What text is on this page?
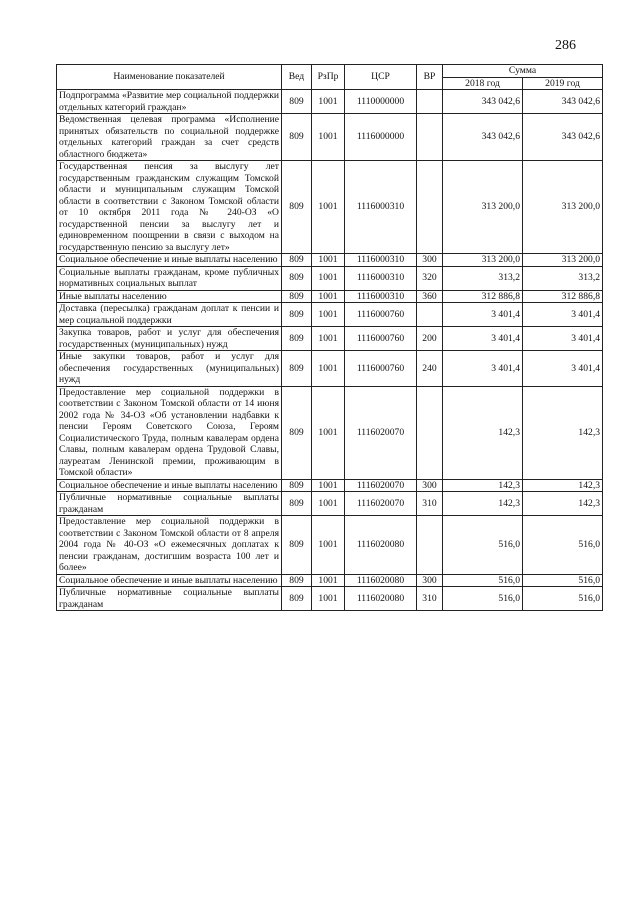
286
Наименование показателей	Вед	РзПр	ЦСР	ВР	Сумма	
					2018 год	2019 год
Подпрограмма «Развитие мер социальной поддержки отдельных категорий граждан»	809	1001	1110000000		343 042,6	343 042,6
Ведомственная целевая программа «Исполнение принятых обязательств по социальной поддержке отдельных категорий граждан за счет средств областного бюджета»	809	1001	1116000000		343 042,6	343 042,6
Государственная пенсия за выслугу лет государственным гражданским служащим Томской области и муниципальным служащим Томской области в соответствии с Законом Томской области от 10 октября 2011 года № 240-ОЗ «О государственной пенсии за выслугу лет и единовременном поощрении в связи с выходом на государственную пенсию за выслугу лет»	809	1001	1116000310		313 200,0	313 200,0
Социальное обеспечение и иные выплаты населению	809	1001	1116000310	300	313 200,0	313 200,0
Социальные выплаты гражданам, кроме публичных нормативных социальных выплат	809	1001	1116000310	320	313,2	313,2
Иные выплаты населению	809	1001	1116000310	360	312 886,8	312 886,8
Доставка (пересылка) гражданам доплат к пенсии и мер социальной поддержки	809	1001	1116000760		3 401,4	3 401,4
Закупка товаров, работ и услуг для обеспечения государственных (муниципальных) нужд	809	1001	1116000760	200	3 401,4	3 401,4
Иные закупки товаров, работ и услуг для обеспечения государственных (муниципальных) нужд	809	1001	1116000760	240	3 401,4	3 401,4
Предоставление мер социальной поддержки в соответствии с Законом Томской области от 14 июня 2002 года № 34-ОЗ «Об установлении надбавки к пенсии Героям Советского Союза, Героям Социалистического Труда, полным кавалерам ордена Славы, полным кавалерам ордена Трудовой Славы, лауреатам Ленинской премии, проживающим в Томской области»	809	1001	1116020070		142,3	142,3
Социальное обеспечение и иные выплаты населению	809	1001	1116020070	300	142,3	142,3
Публичные нормативные социальные выплаты гражданам	809	1001	1116020070	310	142,3	142,3
Предоставление мер социальной поддержки в соответствии с Законом Томской области от 8 апреля 2004 года № 40-ОЗ «О ежемесячных доплатах к пенсии гражданам, достигшим возраста 100 лет и более»	809	1001	1116020080		516,0	516,0
Социальное обеспечение и иные выплаты населению	809	1001	1116020080	300	516,0	516,0
Публичные нормативные социальные выплаты гражданам	809	1001	1116020080	310	516,0	516,0
